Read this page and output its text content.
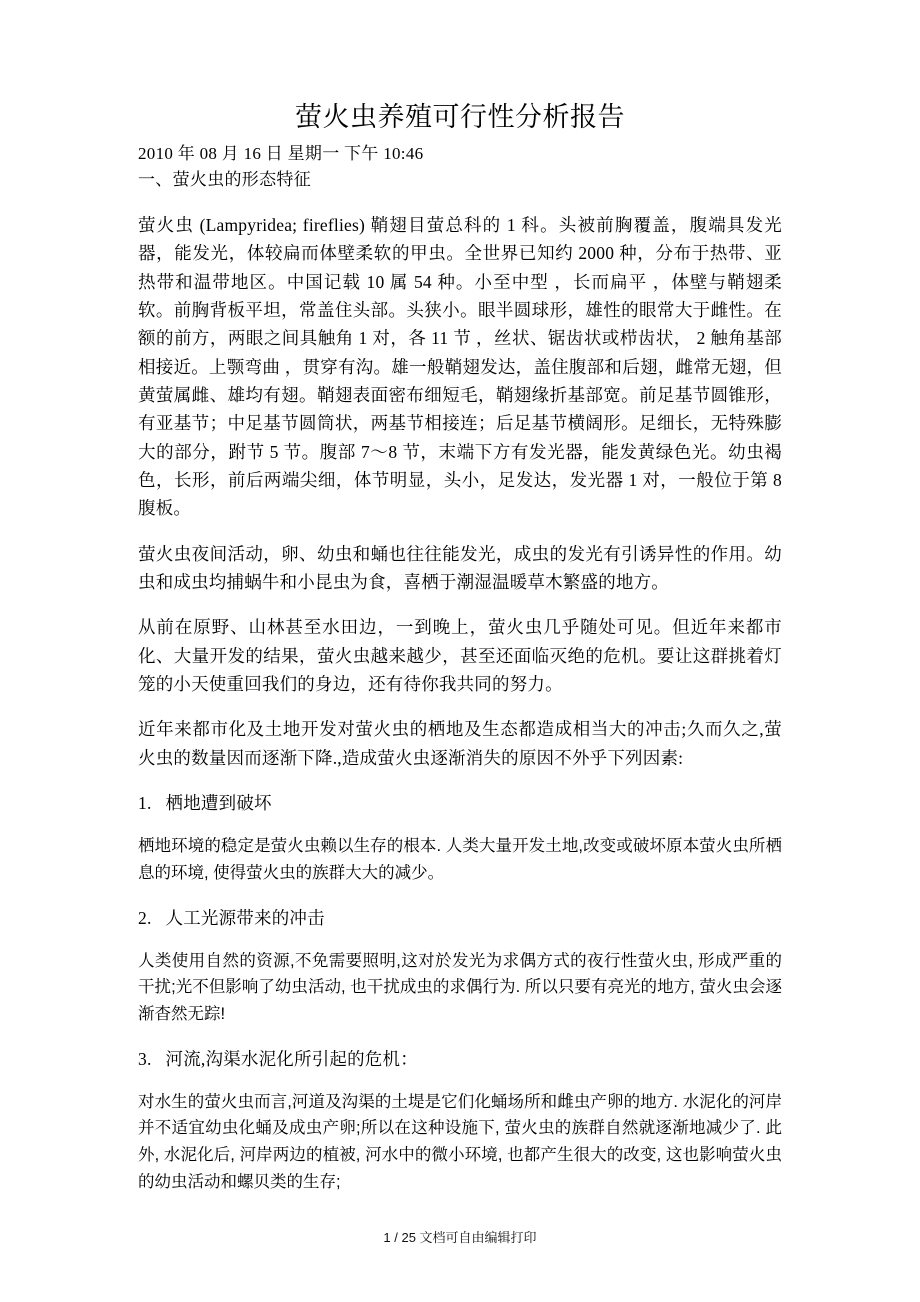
萤火虫养殖可行性分析报告
2010 年 08 月 16 日 星期一 下午 10:46
一、萤火虫的形态特征

萤火虫 (Lampyridea; fireflies) 鞘翅目萤总科的 1 科。头被前胸覆盖，腹端具发光器，能发光，体较扁而体壁柔软的甲虫。全世界已知约 2000 种，分布于热带、亚热带和温带地区。中国记载 10 属 54 种。小至中型 ，长而扁平 ，体壁与鞘翅柔软。前胸背板平坦，常盖住头部。头狭小。眼半圆球形，雄性的眼常大于雌性。在额的前方，两眼之间具触角 1 对，各 11 节 ，丝状、锯齿状或栉齿状， 2 触角基部相接近。上颚弯曲 ，贯穿有沟。雄一般鞘翅发达，盖住腹部和后翅，雌常无翅，但黄萤属雌、雄均有翅。鞘翅表面密布细短毛，鞘翅缘折基部宽。前足基节圆锥形，有亚基节；中足基节圆筒状，两基节相接连；后足基节横阔形。足细长，无特殊膨大的部分，跗节 5 节。腹部 7～8 节，末端下方有发光器，能发黄绿色光。幼虫褐色，长形，前后两端尖细，体节明显，头小，足发达，发光器 1 对，一般位于第 8 腹板。

萤火虫夜间活动，卵、幼虫和蛹也往往能发光，成虫的发光有引诱异性的作用。幼虫和成虫均捕蜗牛和小昆虫为食，喜栖于潮湿温暖草木繁盛的地方。

从前在原野、山林甚至水田边，一到晚上，萤火虫几乎随处可见。但近年来都市化、大量开发的结果，萤火虫越来越少，甚至还面临灭绝的危机。要让这群挑着灯笼的小天使重回我们的身边，还有待你我共同的努力。

近年来都市化及土地开发对萤火虫的栖地及生态都造成相当大的冲击;久而久之,萤火虫的数量因而逐渐下降.,造成萤火虫逐渐消失的原因不外乎下列因素:

1. 栖地遭到破坏

栖地环境的稳定是萤火虫赖以生存的根本. 人类大量开发土地,改变或破坏原本萤火虫所栖息的环境, 使得萤火虫的族群大大的减少。

2. 人工光源带来的冲击

人类使用自然的资源,不免需要照明,这对於发光为求偶方式的夜行性萤火虫, 形成严重的干扰;光不但影响了幼虫活动, 也干扰成虫的求偶行为. 所以只要有亮光的地方, 萤火虫会逐渐杳然无踪!

3. 河流,沟渠水泥化所引起的危机：

对水生的萤火虫而言,河道及沟渠的土堤是它们化蛹场所和雌虫产卵的地方. 水泥化的河岸并不适宜幼虫化蛹及成虫产卵;所以在这种设施下, 萤火虫的族群自然就逐渐地减少了. 此外, 水泥化后, 河岸两边的植被, 河水中的微小环境, 也都产生很大的改变, 这也影响萤火虫的幼虫活动和螺贝类的生存;

1 / 25 文档可自由编辑打印
